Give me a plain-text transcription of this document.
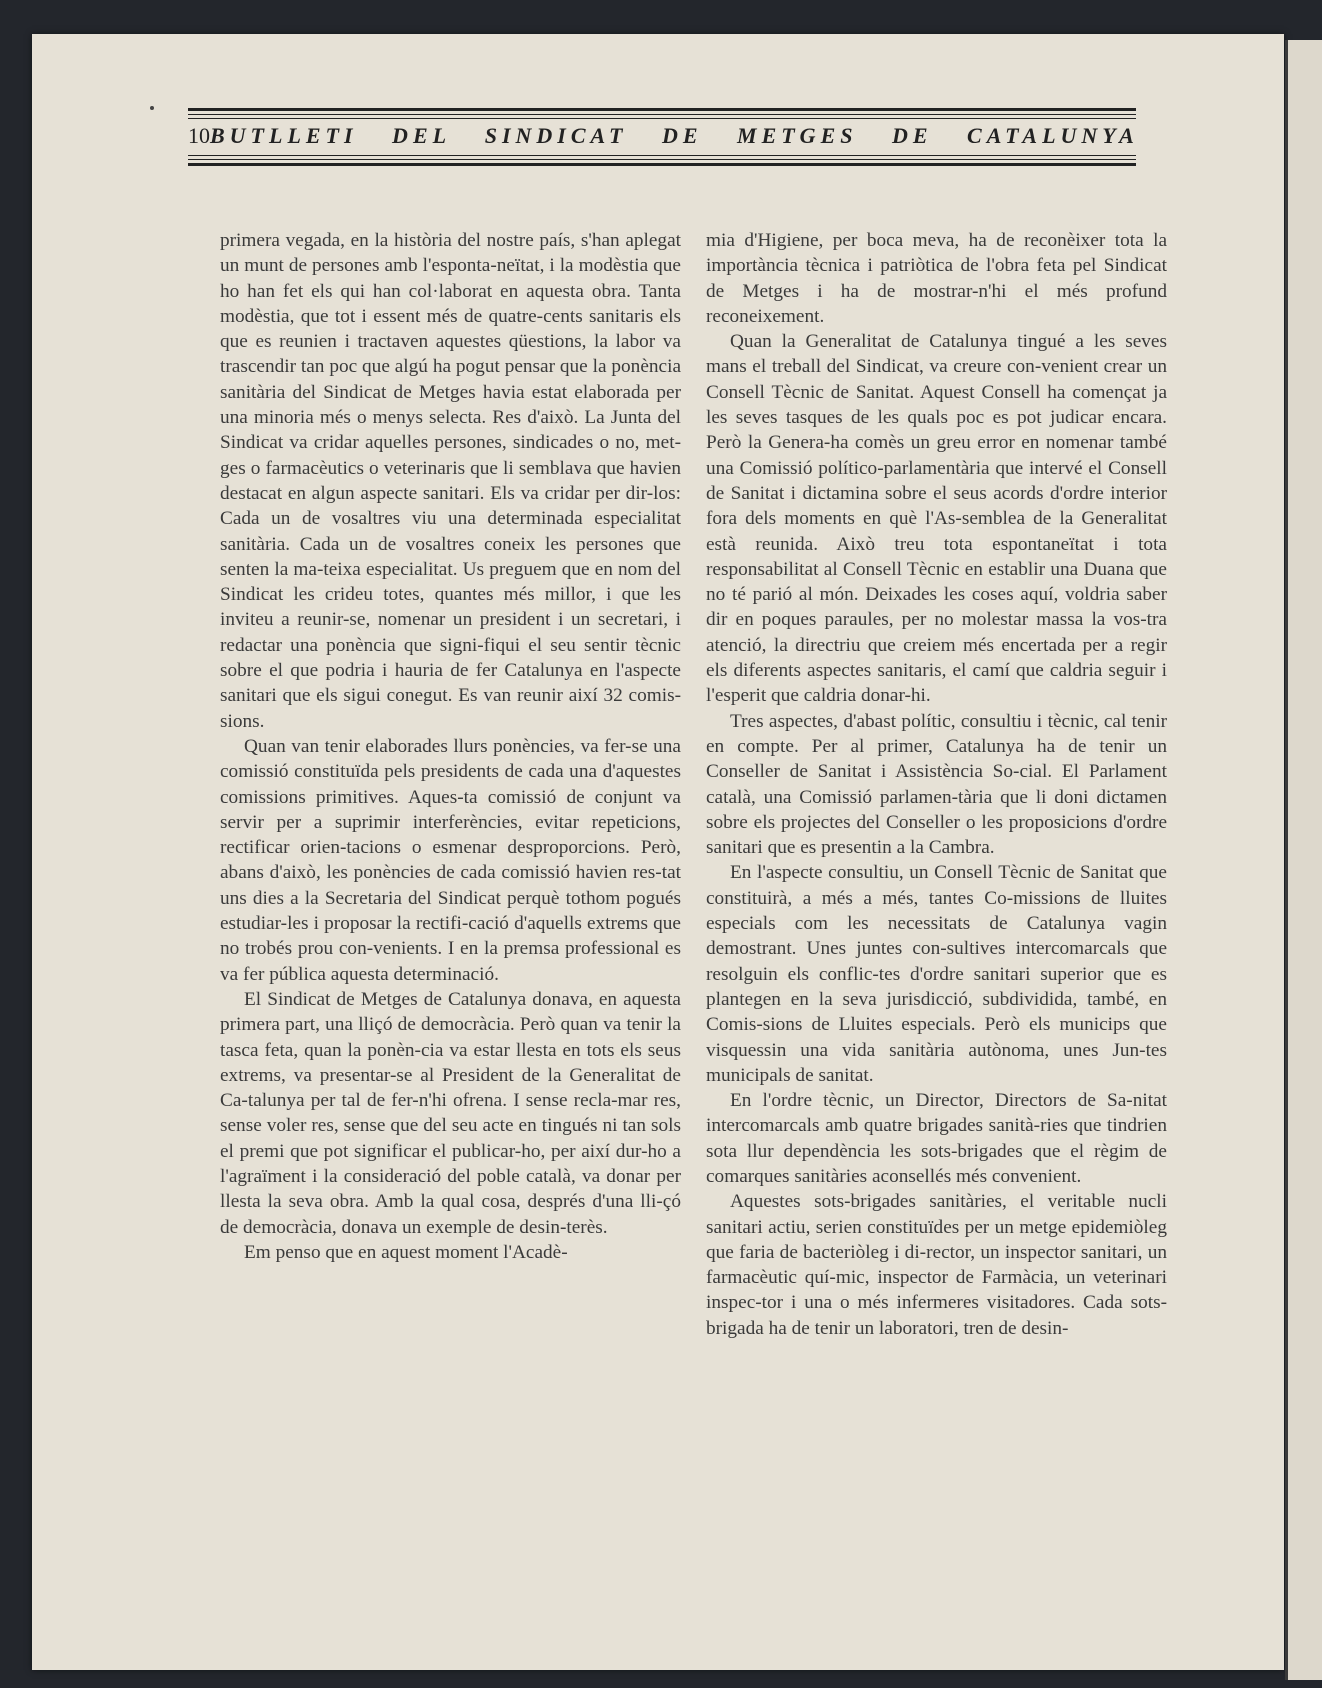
10 BUTLLETI DEL SINDICAT DE METGES DE CATALUNYA

primera vegada, en la història del nostre país, s'han aplegat un munt de persones amb l'esponta-neïtat, i la modèstia que ho han fet els qui han col·laborat en aquesta obra. Tanta modèstia, que tot i essent més de quatre-cents sanitaris els que es reunien i tractaven aquestes qüestions, la labor va trascendir tan poc que algú ha pogut pensar que la ponència sanitària del Sindicat de Metges havia estat elaborada per una minoria més o menys selecta. Res d'això. La Junta del Sindicat va cridar aquelles persones, sindicades o no, met-ges o farmacèutics o veterinaris que li semblava que havien destacat en algun aspecte sanitari. Els va cridar per dir-los: Cada un de vosaltres viu una determinada especialitat sanitària. Cada un de vosaltres coneix les persones que senten la ma-teixa especialitat. Us preguem que en nom del Sindicat les crideu totes, quantes més millor, i que les inviteu a reunir-se, nomenar un president i un secretari, i redactar una ponència que signi-fiqui el seu sentir tècnic sobre el que podria i hauria de fer Catalunya en l'aspecte sanitari que els sigui conegut. Es van reunir així 32 comis-sions.

Quan van tenir elaborades llurs ponències, va fer-se una comissió constituïda pels presidents de cada una d'aquestes comissions primitives. Aques-ta comissió de conjunt va servir per a suprimir interferències, evitar repeticions, rectificar orien-tacions o esmenar desproporcions. Però, abans d'això, les ponències de cada comissió havien res-tat uns dies a la Secretaria del Sindicat perquè tothom pogués estudiar-les i proposar la rectifi-cació d'aquells extrems que no trobés prou con-venients. I en la premsa professional es va fer pública aquesta determinació.

El Sindicat de Metges de Catalunya donava, en aquesta primera part, una lliçó de democràcia. Però quan va tenir la tasca feta, quan la ponèn-cia va estar llesta en tots els seus extrems, va presentar-se al President de la Generalitat de Ca-talunya per tal de fer-n'hi ofrena. I sense recla-mar res, sense voler res, sense que del seu acte en tingués ni tan sols el premi que pot significar el publicar-ho, per així dur-ho a l'agraïment i la consideració del poble català, va donar per llesta la seva obra. Amb la qual cosa, després d'una lli-çó de democràcia, donava un exemple de desin-terès.

Em penso que en aquest moment l'Acadè-

mia d'Higiene, per boca meva, ha de reconèixer tota la importància tècnica i patriòtica de l'obra feta pel Sindicat de Metges i ha de mostrar-n'hi el més profund reconeixement.

Quan la Generalitat de Catalunya tingué a les seves mans el treball del Sindicat, va creure con-venient crear un Consell Tècnic de Sanitat. Aquest Consell ha començat ja les seves tasques de les quals poc es pot judicar encara. Però la Genera-ha comès un greu error en nomenar també una Comissió político-parlamentària que intervé el Consell de Sanitat i dictamina sobre el seus acords d'ordre interior fora dels moments en què l'As-semblea de la Generalitat està reunida. Això treu tota espontaneïtat i tota responsabilitat al Consell Tècnic en establir una Duana que no té parió al món. Deixades les coses aquí, voldria saber dir en poques paraules, per no molestar massa la vos-tra atenció, la directriu que creiem més encertada per a regir els diferents aspectes sanitaris, el camí que caldria seguir i l'esperit que caldria donar-hi.

Tres aspectes, d'abast polític, consultiu i tècnic, cal tenir en compte. Per al primer, Catalunya ha de tenir un Conseller de Sanitat i Assistència So-cial. El Parlament català, una Comissió parlamen-tària que li doni dictamen sobre els projectes del Conseller o les proposicions d'ordre sanitari que es presentin a la Cambra.

En l'aspecte consultiu, un Consell Tècnic de Sanitat que constituirà, a més a més, tantes Co-missions de lluites especials com les necessitats de Catalunya vagin demostrant. Unes juntes con-sultives intercomarcals que resolguin els conflic-tes d'ordre sanitari superior que es plantegen en la seva jurisdicció, subdividida, també, en Comis-sions de Lluites especials. Però els municips que visquessin una vida sanitària autònoma, unes Jun-tes municipals de sanitat.

En l'ordre tècnic, un Director, Directors de Sa-nitat intercomarcals amb quatre brigades sanità-ries que tindrien sota llur dependència les sots-brigades que el règim de comarques sanitàries aconsellés més convenient.

Aquestes sots-brigades sanitàries, el veritable nucli sanitari actiu, serien constituïdes per un metge epidemiòleg que faria de bacteriòleg i di-rector, un inspector sanitari, un farmacèutic quí-mic, inspector de Farmàcia, un veterinari inspec-tor i una o més infermeres visitadores. Cada sots-brigada ha de tenir un laboratori, tren de desin-
